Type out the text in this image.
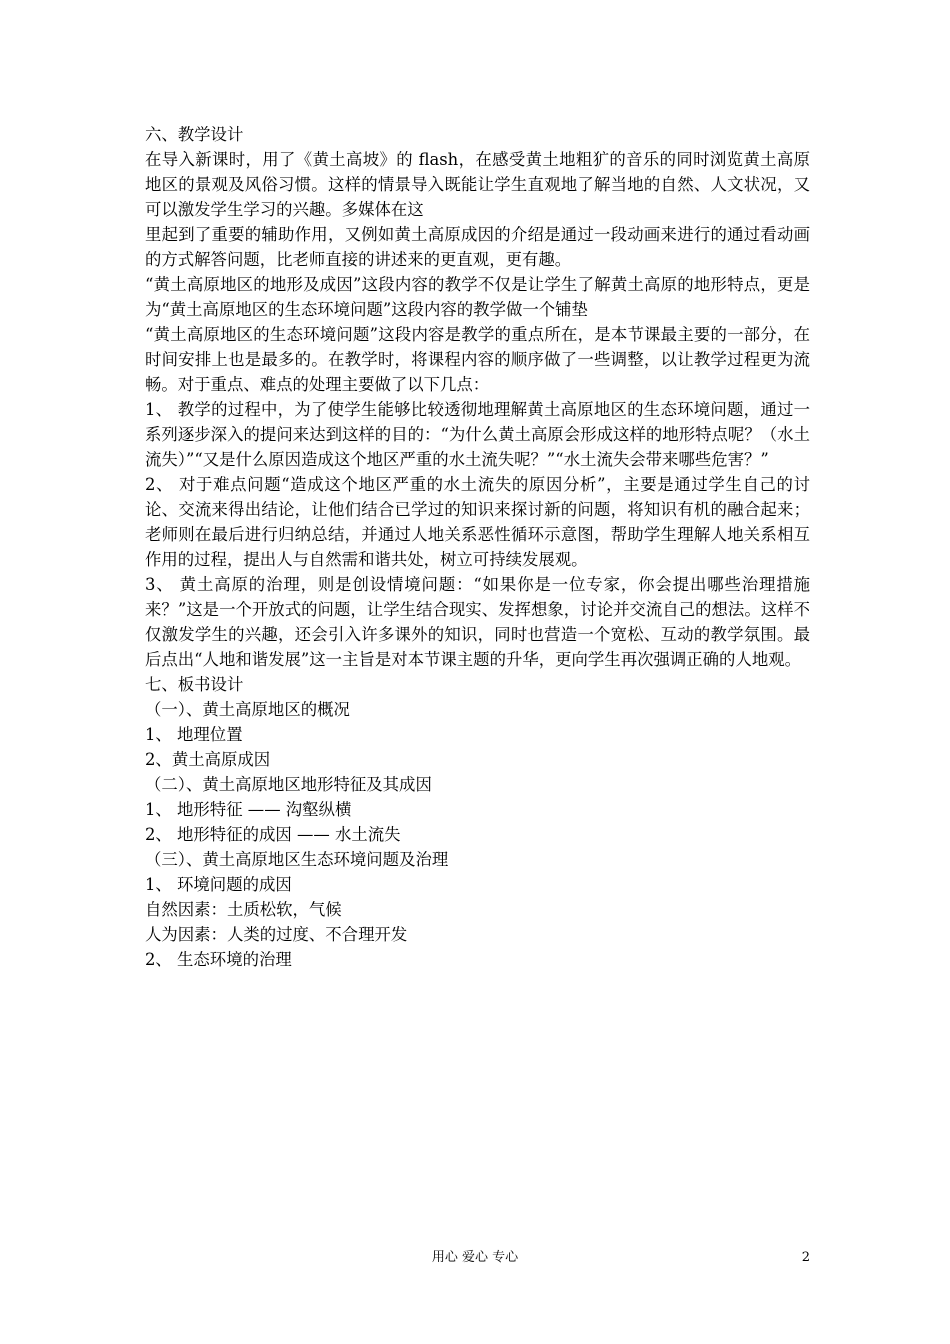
六、教学设计

在导入新课时，用了《黄土高坡》的 flash，在感受黄土地粗犷的音乐的同时浏览黄土高原地区的景观及风俗习惯。这样的情景导入既能让学生直观地了解当地的自然、人文状况，又可以激发学生学习的兴趣。多媒体在这

里起到了重要的辅助作用，又例如黄土高原成因的介绍是通过一段动画来进行的通过看动画的方式解答问题，比老师直接的讲述来的更直观，更有趣。

“黄土高原地区的地形及成因”这段内容的教学不仅是让学生了解黄土高原的地形特点，更是为“黄土高原地区的生态环境问题”这段内容的教学做一个铺垫

“黄土高原地区的生态环境问题”这段内容是教学的重点所在，是本节课最主要的一部分，在时间安排上也是最多的。在教学时，将课程内容的顺序做了一些调整，以让教学过程更为流畅。对于重点、难点的处理主要做了以下几点：

1、 教学的过程中，为了使学生能够比较透彻地理解黄土高原地区的生态环境问题，通过一系列逐步深入的提问来达到这样的目的：“为什么黄土高原会形成这样的地形特点呢？（水土流失）”“又是什么原因造成这个地区严重的水土流失呢？”“水土流失会带来哪些危害？”

2、 对于难点问题“造成这个地区严重的水土流失的原因分析”，主要是通过学生自己的讨论、交流来得出结论，让他们结合已学过的知识来探讨新的问题，将知识有机的融合起来；老师则在最后进行归纳总结，并通过人地关系恶性循环示意图，帮助学生理解人地关系相互作用的过程，提出人与自然需和谐共处，树立可持续发展观。

3、 黄土高原的治理，则是创设情境问题：“如果你是一位专家，你会提出哪些治理措施来？”这是一个开放式的问题，让学生结合现实、发挥想象，讨论并交流自己的想法。这样不仅激发学生的兴趣，还会引入许多课外的知识，同时也营造一个宽松、互动的教学氛围。最后点出“人地和谐发展”这一主旨是对本节课主题的升华，更向学生再次强调正确的人地观。

七、板书设计

（一）、黄土高原地区的概况

1、 地理位置

2、黄土高原成因

（二）、黄土高原地区地形特征及其成因

1、 地形特征 —— 沟壑纵横

2、 地形特征的成因 —— 水土流失

（三）、黄土高原地区生态环境问题及治理

1、 环境问题的成因

自然因素：土质松软，气候

人为因素：人类的过度、不合理开发

2、 生态环境的治理

用心 爱心 专心	2
